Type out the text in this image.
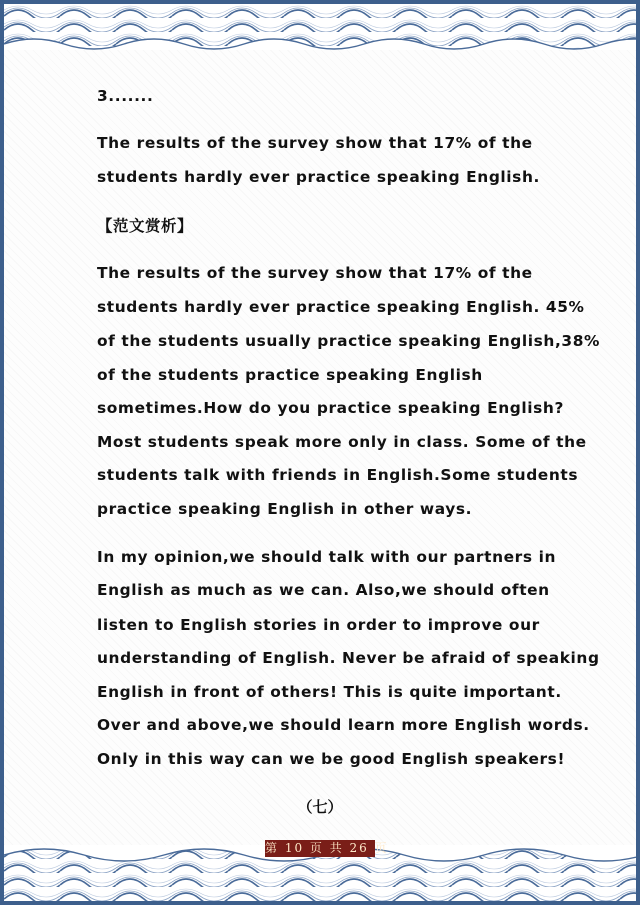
3.......
The results of the survey show that 17% of the
students hardly ever practice speaking English.
【范文赏析】
The results of the survey show that 17% of the
students hardly ever practice speaking English. 45%
of the students usually practice speaking English,38%
of the students practice speaking English
sometimes.How do you practice speaking English?
Most students speak more only in class. Some of the
students talk with friends in English.Some students
practice speaking English in other ways.
In my opinion,we should talk with our partners in
English as much as we can. Also,we should often
listen to English stories in order to improve our
understanding of English. Never be afraid of speaking
English in front of others! This is quite important.
Over and above,we should learn more English words.
Only in this way can we be good English speakers!
（七）
第 10 页 共 26 页
